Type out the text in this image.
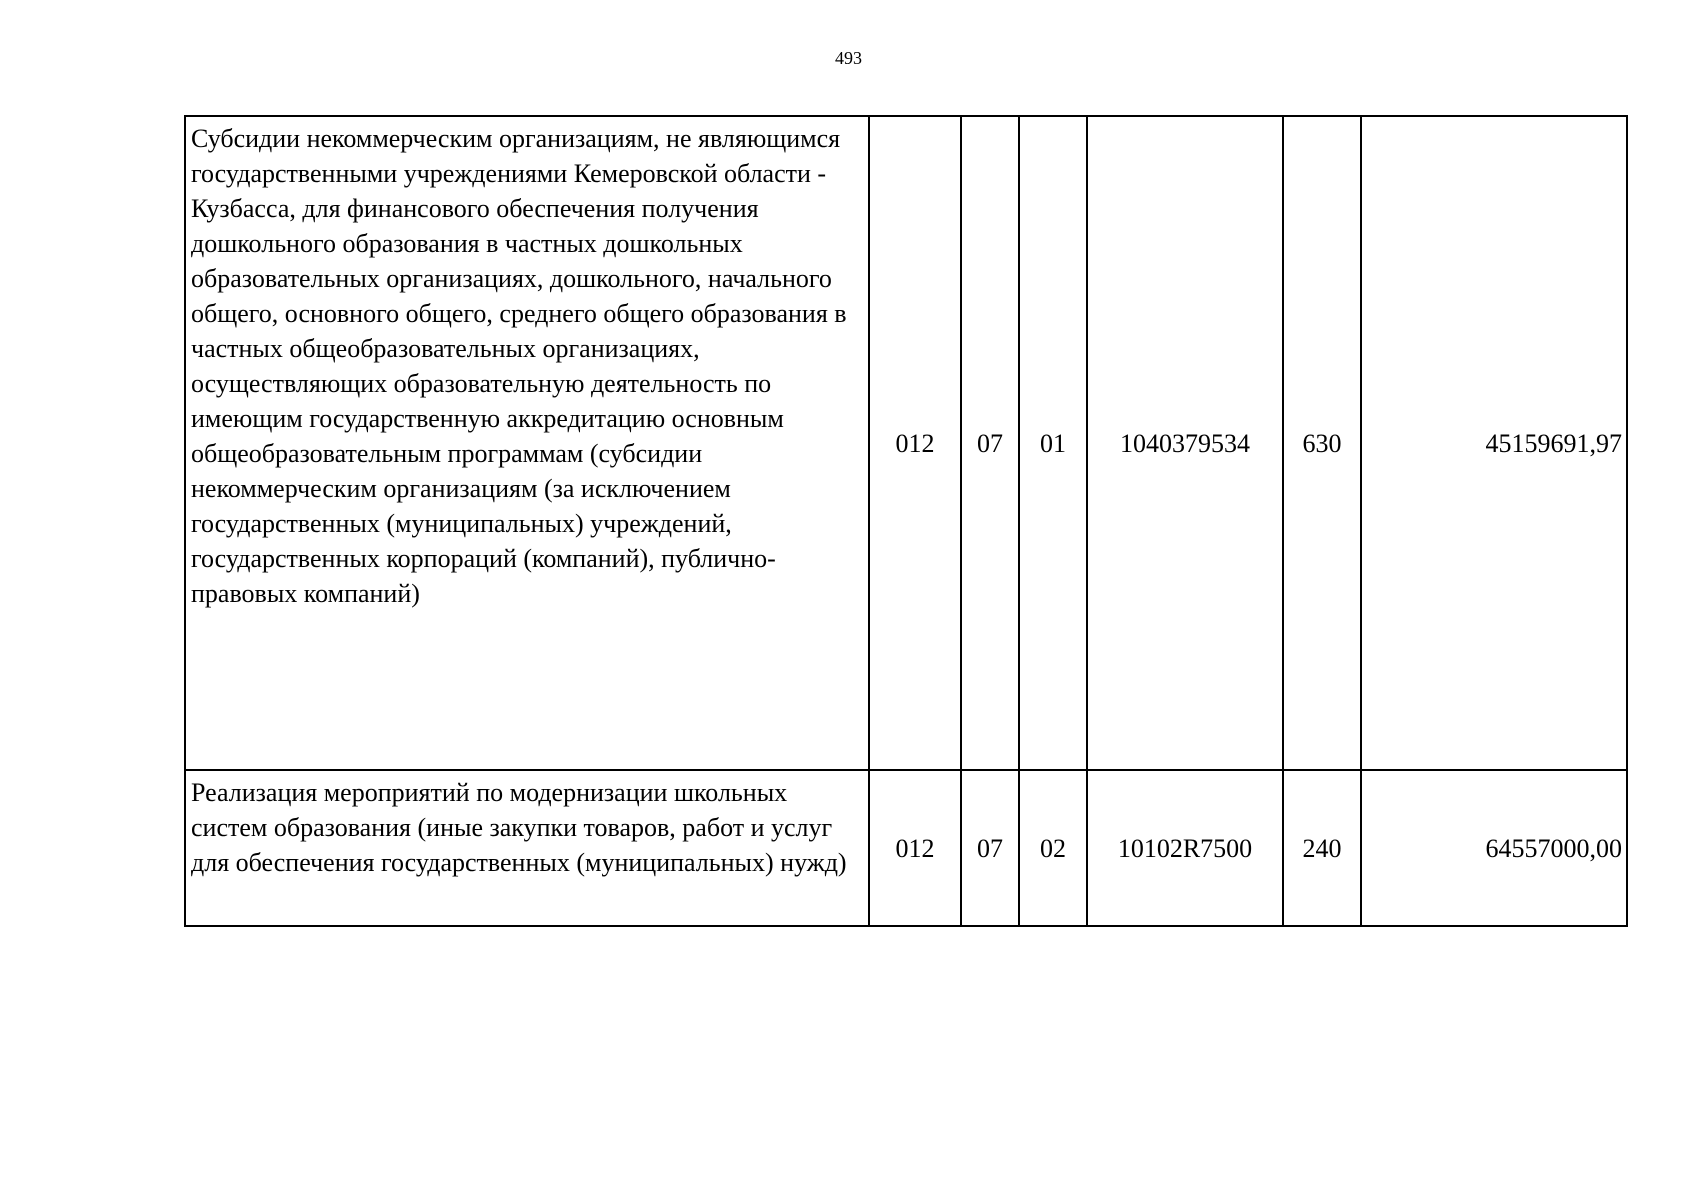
493
Субсидии некоммерческим организациям, не являющимся государственными учреждениями Кемеровской области - Кузбасса, для финансового обеспечения получения дошкольного образования в частных дошкольных образовательных организациях, дошкольного, начального общего, основного общего, среднего общего образования в частных общеобразовательных организациях, осуществляющих образовательную деятельность по имеющим государственную аккредитацию основным общеобразовательным программам (субсидии некоммерческим организациям (за исключением государственных (муниципальных) учреждений, государственных корпораций (компаний), публично-правовых компаний)	012	07	01	1040379534	630	45159691,97

Реализация мероприятий по модернизации школьных систем образования (иные закупки товаров, работ и услуг для обеспечения государственных (муниципальных) нужд)	012	07	02	10102R7500	240	64557000,00
